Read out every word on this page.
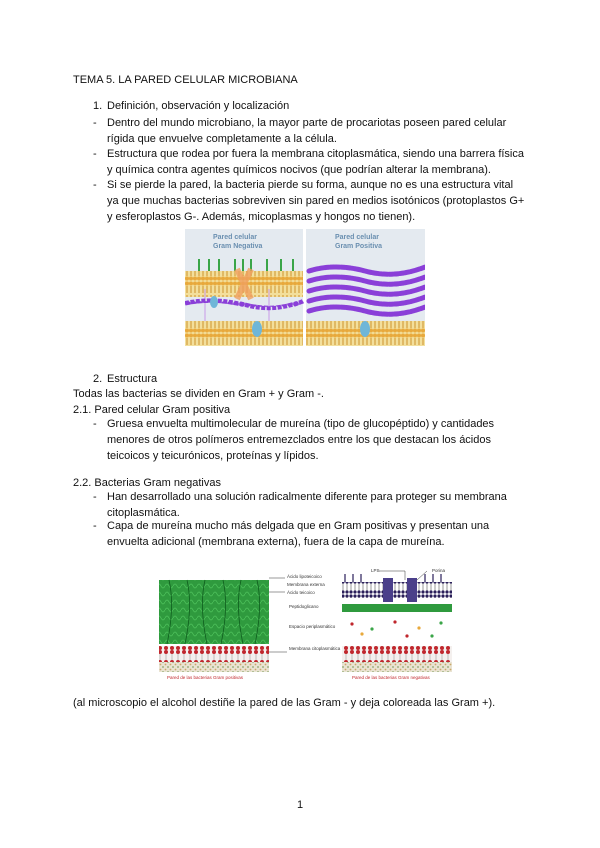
TEMA 5. LA PARED CELULAR MICROBIANA
1. Definición, observación y localización
- Dentro del mundo microbiano, la mayor parte de procariotas poseen pared celular rígida que envuelve completamente a la célula.
- Estructura que rodea por fuera la membrana citoplasmática, siendo una barrera física y química contra agentes químicos nocivos (que podrían alterar la membrana).
- Si se pierde la pared, la bacteria pierde su forma, aunque no es una estructura vital ya que muchas bacterias sobreviven sin pared en medios isotónicos (protoplastos G+ y esferoplastos G-. Además, micoplasmas y hongos no tienen).
Pared celular
Gram Negativa
Pared celular
Gram Positiva
2. Estructura
Todas las bacterias se dividen en Gram + y Gram -.
2.1. Pared celular Gram positiva
- Gruesa envuelta multimolecular de mureína (tipo de glucopéptido) y cantidades menores de otros polímeros entremezclados entre los que destacan los ácidos teicoicos y teicurónicos, proteínas y lípidos.
2.2. Bacterias Gram negativas
- Han desarrollado una solución radicalmente diferente para proteger su membrana citoplasmática.
- Capa de mureína mucho más delgada que en Gram positivas y presentan una envuelta adicional (membrana externa), fuera de la capa de mureína.
Pared de las bacterias Gram positivas
Ácido lipoteicoico
Membrana externa
Ácido teicoico
Peptidoglicano
Espacio periplasmático
Membrana citoplasmática
LPS	Porina
Pared de las bacterias Gram negativas
(al microscopio el alcohol destiñe la pared de las Gram - y deja coloreada las Gram +).
1
